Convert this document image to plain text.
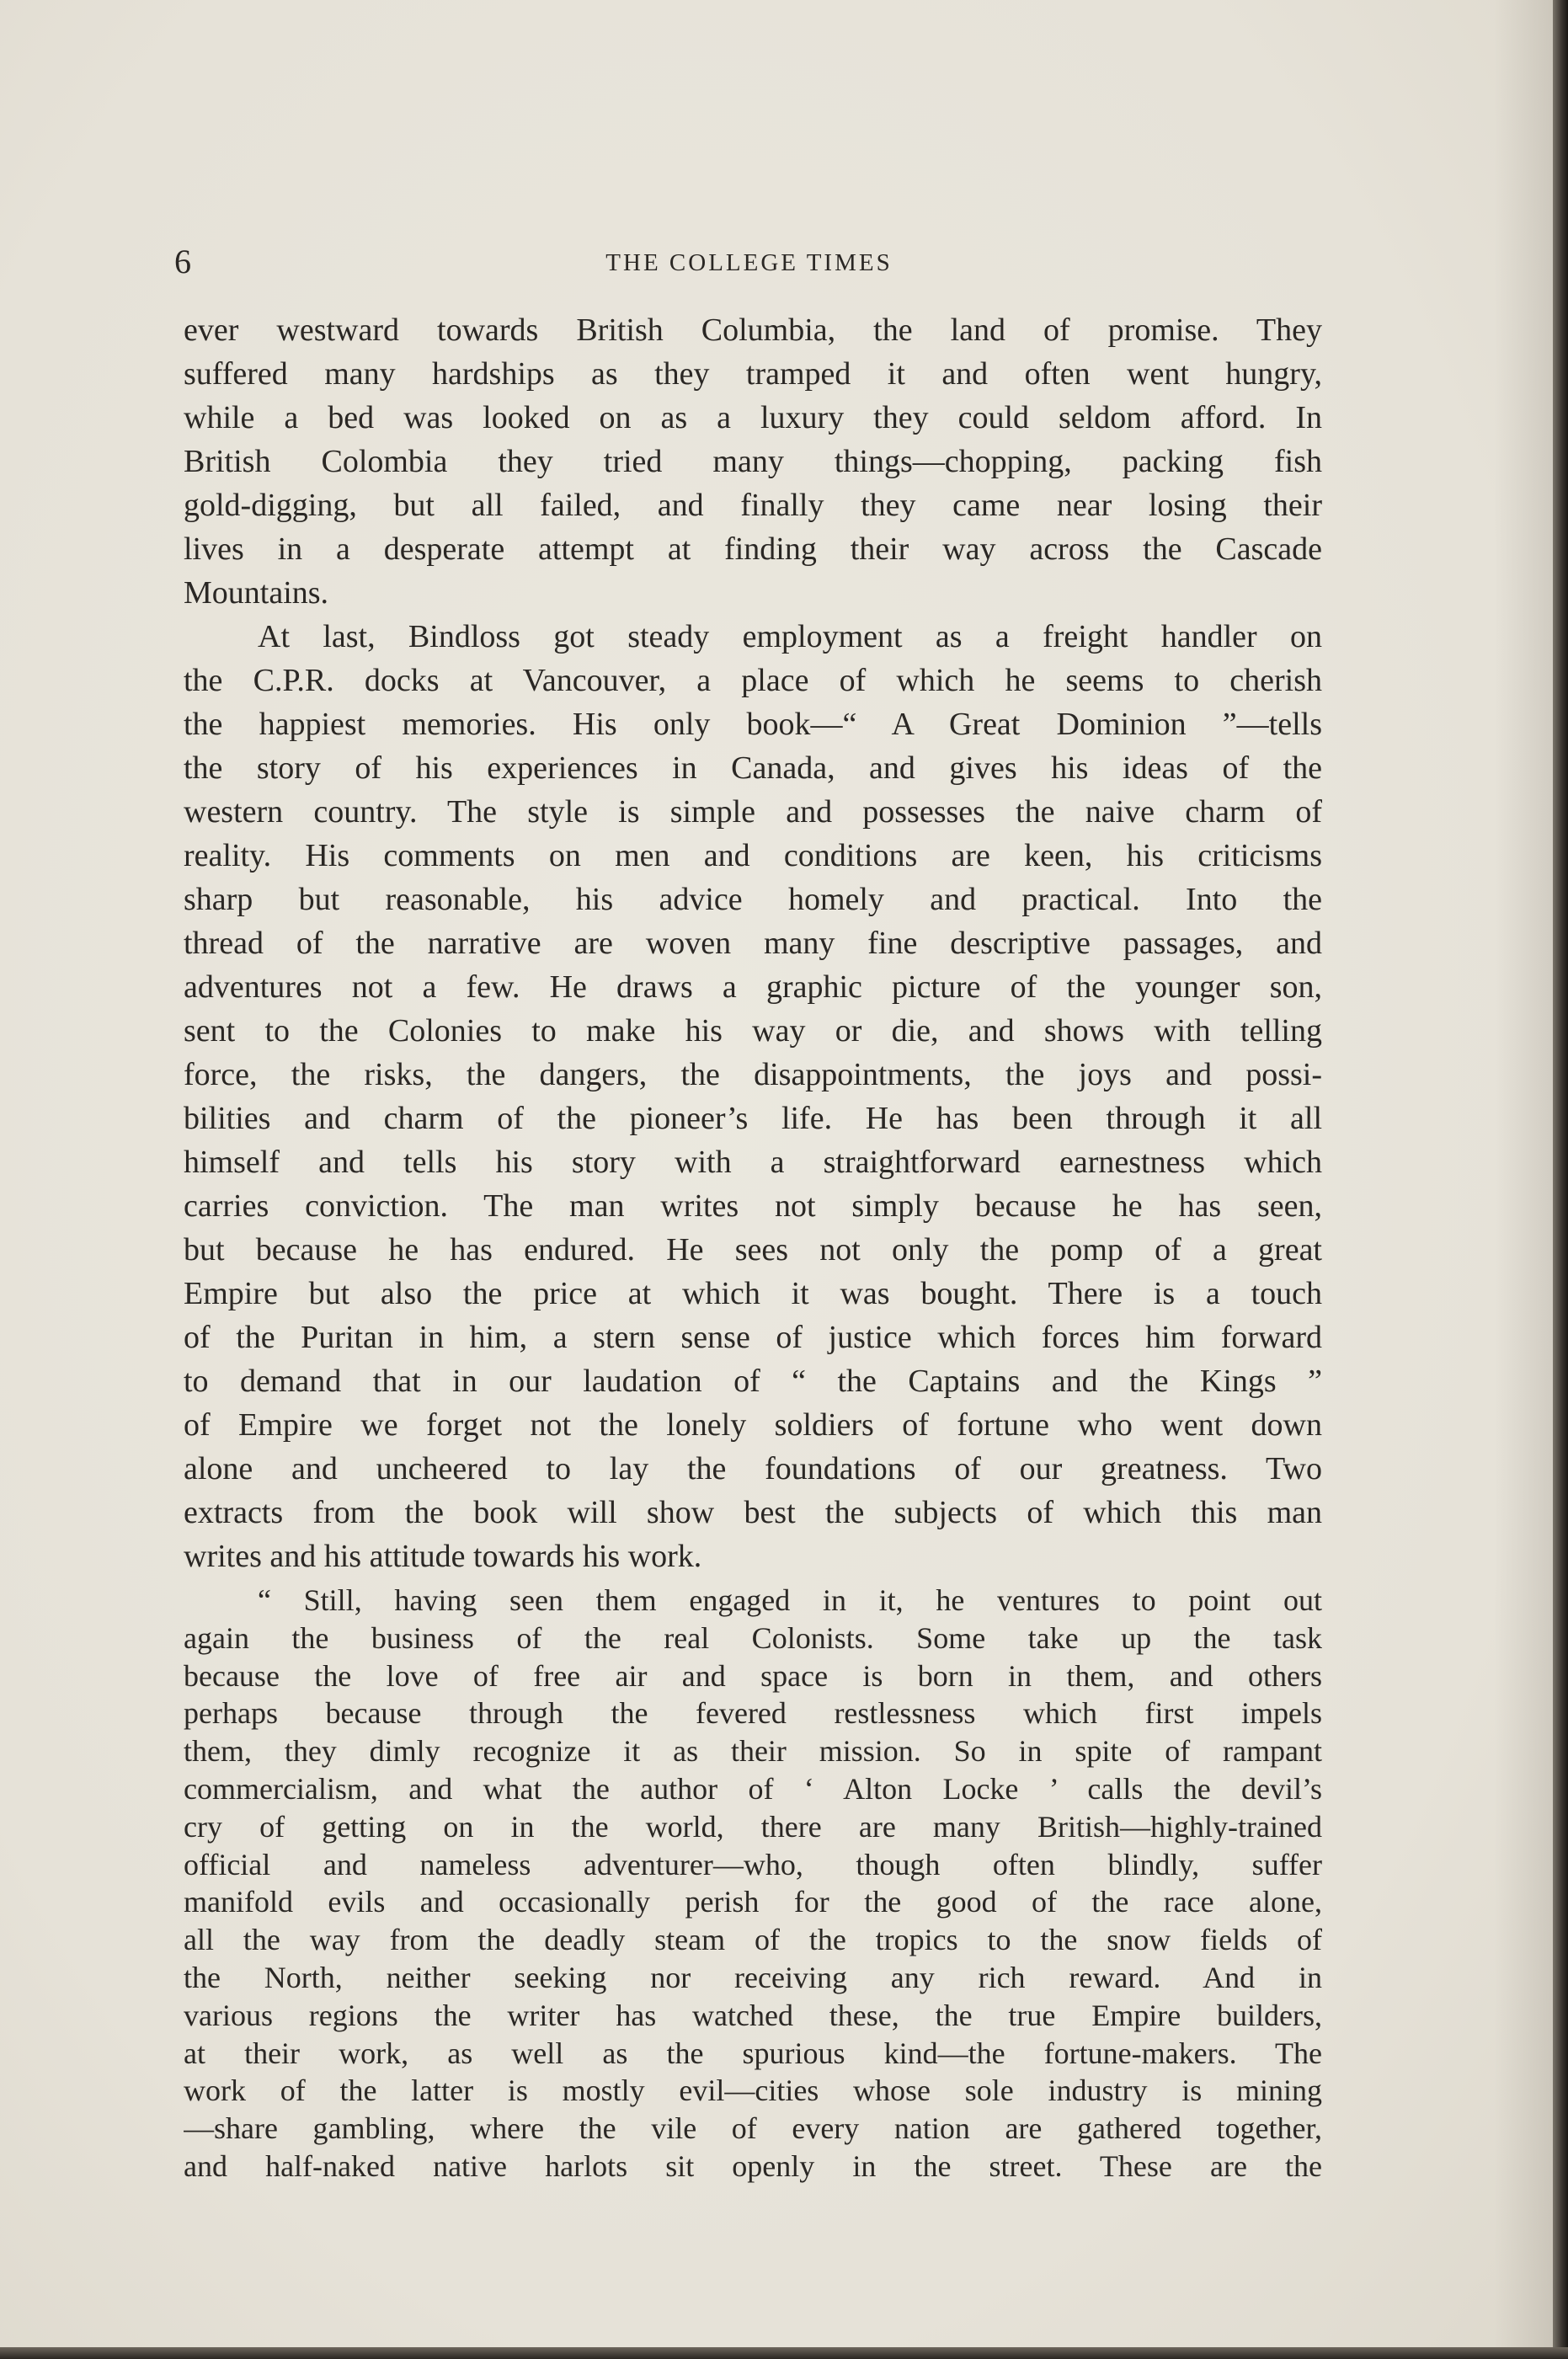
6	THE COLLEGE TIMES
ever westward towards British Columbia, the land of promise. They
suffered many hardships as they tramped it and often went hungry,
while a bed was looked on as a luxury they could seldom afford. In
British Colombia they tried many things—chopping, packing fish
gold-digging, but all failed, and finally they came near losing their
lives in a desperate attempt at finding their way across the Cascade
Mountains.
At last, Bindloss got steady employment as a freight handler on
the C.P.R. docks at Vancouver, a place of which he seems to cherish
the happiest memories. His only book—“ A Great Dominion ”—tells
the story of his experiences in Canada, and gives his ideas of the
western country. The style is simple and possesses the naive charm of
reality. His comments on men and conditions are keen, his criticisms
sharp but reasonable, his advice homely and practical. Into the
thread of the narrative are woven many fine descriptive passages, and
adventures not a few. He draws a graphic picture of the younger son,
sent to the Colonies to make his way or die, and shows with telling
force, the risks, the dangers, the disappointments, the joys and possi-
bilities and charm of the pioneer’s life. He has been through it all
himself and tells his story with a straightforward earnestness which
carries conviction. The man writes not simply because he has seen,
but because he has endured. He sees not only the pomp of a great
Empire but also the price at which it was bought. There is a touch
of the Puritan in him, a stern sense of justice which forces him forward
to demand that in our laudation of “ the Captains and the Kings ”
of Empire we forget not the lonely soldiers of fortune who went down
alone and uncheered to lay the foundations of our greatness. Two
extracts from the book will show best the subjects of which this man
writes and his attitude towards his work.
“ Still, having seen them engaged in it, he ventures to point out
again the business of the real Colonists. Some take up the task
because the love of free air and space is born in them, and others
perhaps because through the fevered restlessness which first impels
them, they dimly recognize it as their mission. So in spite of rampant
commercialism, and what the author of ‘ Alton Locke ’ calls the devil’s
cry of getting on in the world, there are many British—highly-trained
official and nameless adventurer—who, though often blindly, suffer
manifold evils and occasionally perish for the good of the race alone,
all the way from the deadly steam of the tropics to the snow fields of
the North, neither seeking nor receiving any rich reward. And in
various regions the writer has watched these, the true Empire builders,
at their work, as well as the spurious kind—the fortune-makers. The
work of the latter is mostly evil—cities whose sole industry is mining
—share gambling, where the vile of every nation are gathered together,
and half-naked native harlots sit openly in the street. These are the
